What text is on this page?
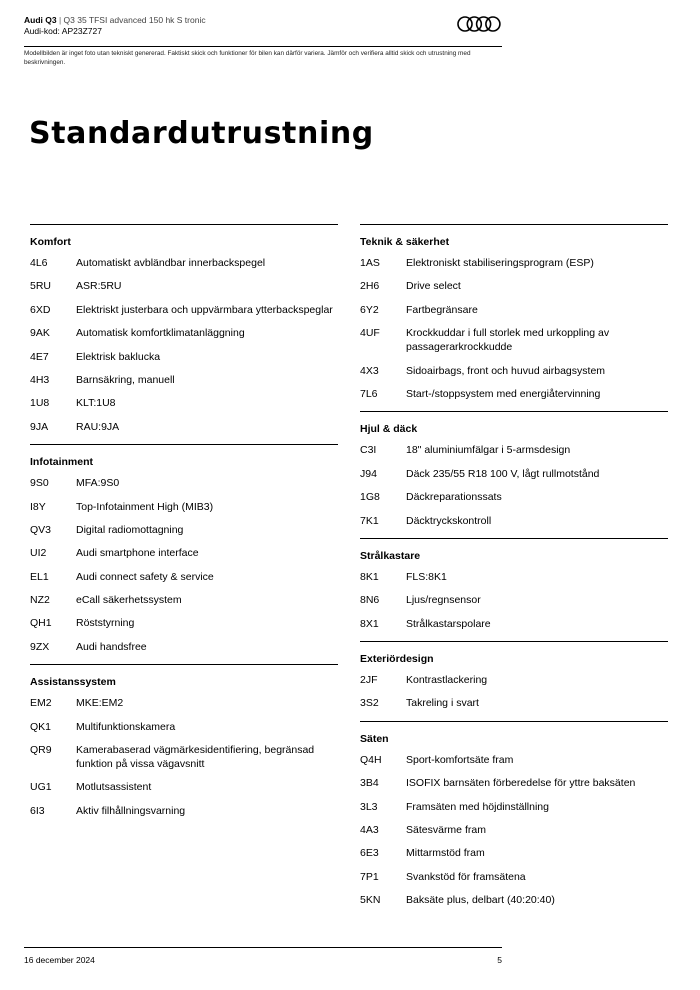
Audi Q3 | Q3 35 TFSI advanced 150 hk S tronic
Audi-kod: AP23Z727
Modellbilden är inget foto utan tekniskt genererad. Faktiskt skick och funktioner för bilen kan därför variera. Jämför och verifiera alltid skick och utrustning med beskrivningen.
Standardutrustning
Komfort
4L6	Automatiskt avbländbar innerbackspegel
5RU	ASR:5RU
6XD	Elektriskt justerbara och uppvärmbara ytterbackspeglar
9AK	Automatisk komfortklimatanläggning
4E7	Elektrisk baklucka
4H3	Barnsäkring, manuell
1U8	KLT:1U8
9JA	RAU:9JA
Infotainment
9S0	MFA:9S0
I8Y	Top-Infotainment High (MIB3)
QV3	Digital radiomottagning
UI2	Audi smartphone interface
EL1	Audi connect safety & service
NZ2	eCall säkerhetssystem
QH1	Röststyrning
9ZX	Audi handsfree
Assistanssystem
EM2	MKE:EM2
QK1	Multifunktionskamera
QR9	Kamerabaserad vägmärkesidentifiering, begränsad funktion på vissa vägavsnitt
UG1	Motlutsassistent
6I3	Aktiv filhållningsvarning
Teknik & säkerhet
1AS	Elektroniskt stabiliseringsprogram (ESP)
2H6	Drive select
6Y2	Fartbegränsare
4UF	Krockkuddar i full storlek med urkoppling av passagerarkrockkudde
4X3	Sidoairbags, front och huvud airbagsystem
7L6	Start-/stoppsystem med energiåtervinning
Hjul & däck
C3I	18" aluminiumfälgar i 5-armsdesign
J94	Däck 235/55 R18 100 V, lågt rullmotstånd
1G8	Däckreparationssats
7K1	Däcktryckskontroll
Strålkastare
8K1	FLS:8K1
8N6	Ljus/regnsensor
8X1	Strålkastarspolare
Exteriördesign
2JF	Kontrastlackering
3S2	Takreling i svart
Säten
Q4H	Sport-komfortsäte fram
3B4	ISOFIX barnsäten förberedelse för yttre baksäten
3L3	Framsäten med höjdinställning
4A3	Sätesvärme fram
6E3	Mittarmstöd fram
7P1	Svankstöd för framsätena
5KN	Baksäte plus, delbart (40:20:40)
16 december 2024	5
